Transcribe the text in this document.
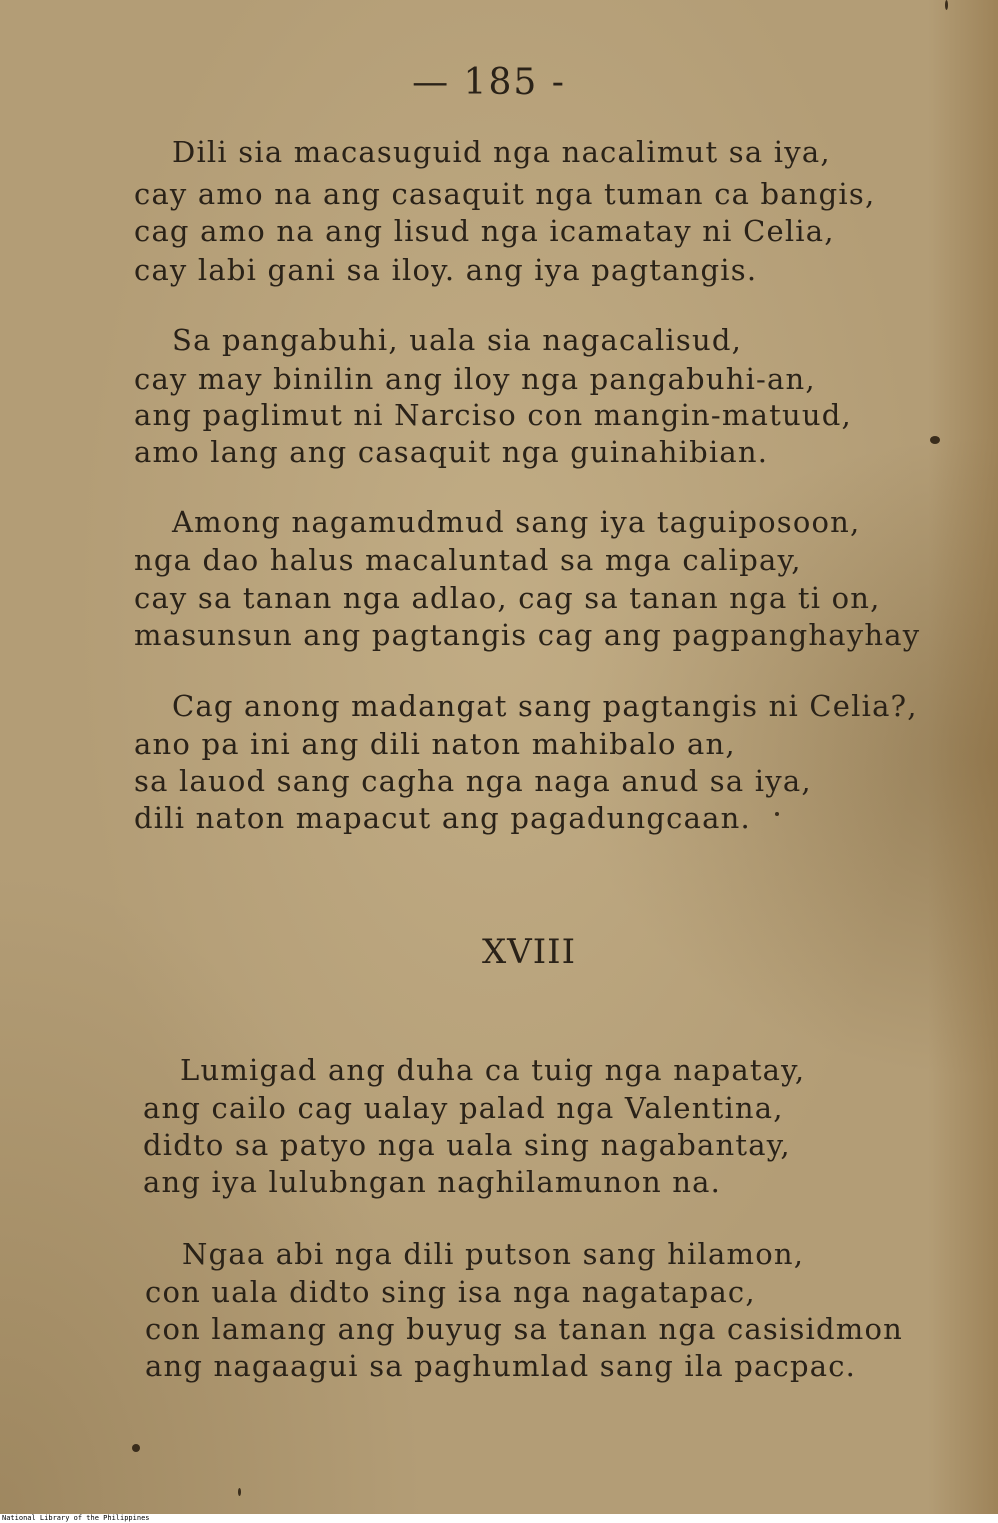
— 185 -
Dili sia macasuguid nga nacalimut sa iya,
cay amo na ang casaquit nga tuman ca bangis,
cag amo na ang lisud nga icamatay ni Celia,
cay labi gani sa iloy. ang iya pagtangis.
Sa pangabuhi, uala sia nagacalisud,
cay may binilin ang iloy nga pangabuhi-an,
ang paglimut ni Narciso con mangin-matuud,
amo lang ang casaquit nga guinahibian.
Among nagamudmud sang iya taguiposoon,
nga dao halus macaluntad sa mga calipay,
cay sa tanan nga adlao, cag sa tanan nga ti on,
masunsun ang pagtangis cag ang pagpanghayhay
Cag anong madangat sang pagtangis ni Celia?,
ano pa ini ang dili naton mahibalo an,
sa lauod sang cagha nga naga anud sa iya,
dili naton mapacut ang pagadungcaan.
XVIII
Lumigad ang duha ca tuig nga napatay,
ang cailo cag ualay palad nga Valentina,
didto sa patyo nga uala sing nagabantay,
ang iya lulubngan naghilamunon na.
Ngaa abi nga dili putson sang hilamon,
con uala didto sing isa nga nagatapac,
con lamang ang buyug sa tanan nga casisidmon
ang nagaagui sa paghumlad sang ila pacpac.
National Library of the Philippines
